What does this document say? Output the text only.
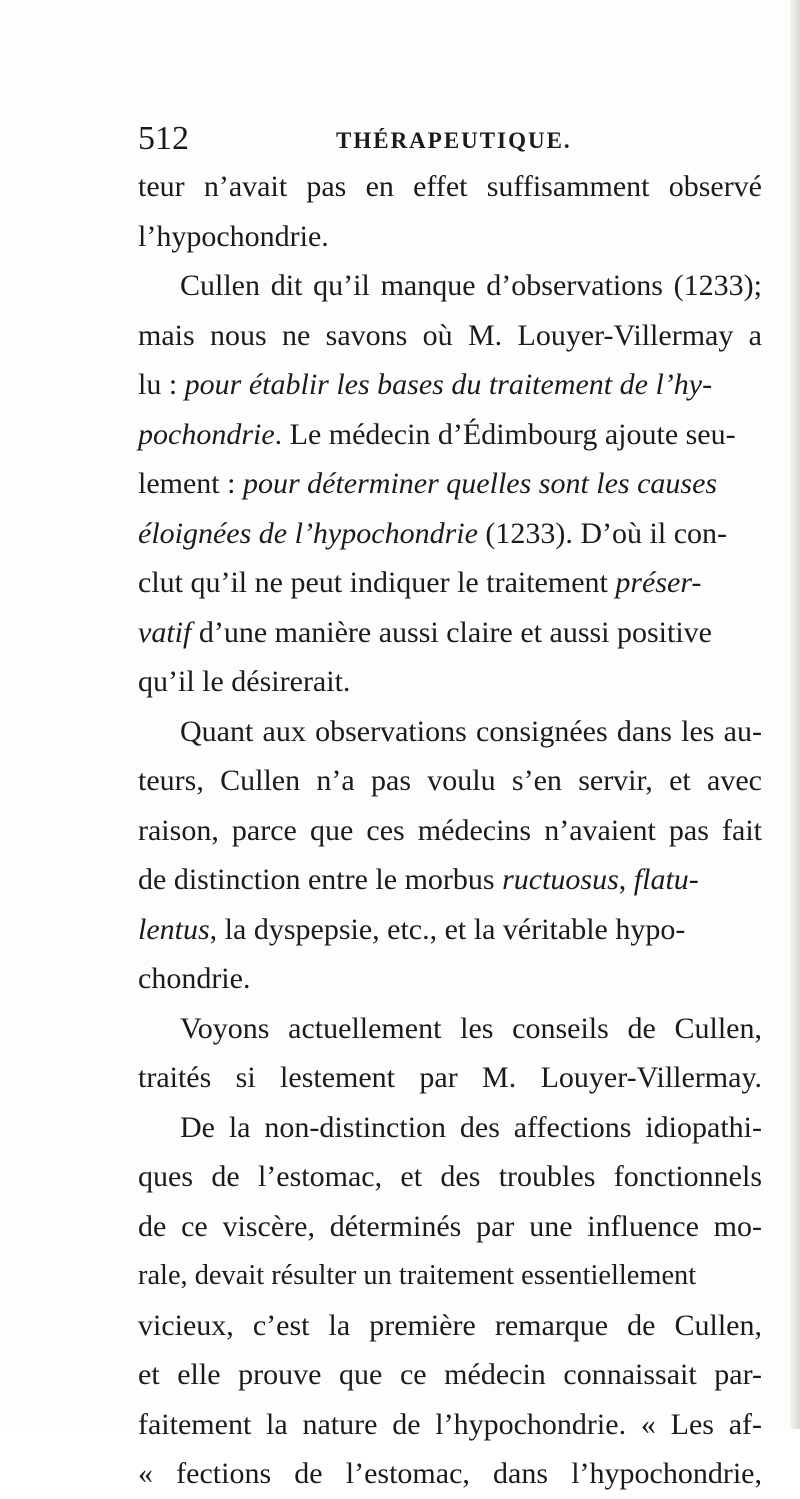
512	THÉRAPEUTIQUE.
teur n’avait pas en effet suffisamment observé
l’hypochondrie.
Cullen dit qu’il manque d’observations (1233);
mais nous ne savons où M. Louyer-Villermay a
lu : pour établir les bases du traitement de l’hy-
pochondrie. Le médecin d’Édimbourg ajoute seu-
lement : pour déterminer quelles sont les causes
éloignées de l’hypochondrie (1233). D’où il con-
clut qu’il ne peut indiquer le traitement préser-
vatif d’une manière aussi claire et aussi positive
qu’il le désirerait.
Quant aux observations consignées dans les au-
teurs, Cullen n’a pas voulu s’en servir, et avec
raison, parce que ces médecins n’avaient pas fait
de distinction entre le morbus ructuosus, flatu-
lentus, la dyspepsie, etc., et la véritable hypo-
chondrie.
Voyons actuellement les conseils de Cullen,
traités si lestement par M. Louyer-Villermay.
De la non-distinction des affections idiopathi-
ques de l’estomac, et des troubles fonctionnels
de ce viscère, déterminés par une influence mo-
rale, devait résulter un traitement essentiellement
vicieux, c’est la première remarque de Cullen,
et elle prouve que ce médecin connaissait par-
faitement la nature de l’hypochondrie. « Les af-
« fections de l’estomac, dans l’hypochondrie,
